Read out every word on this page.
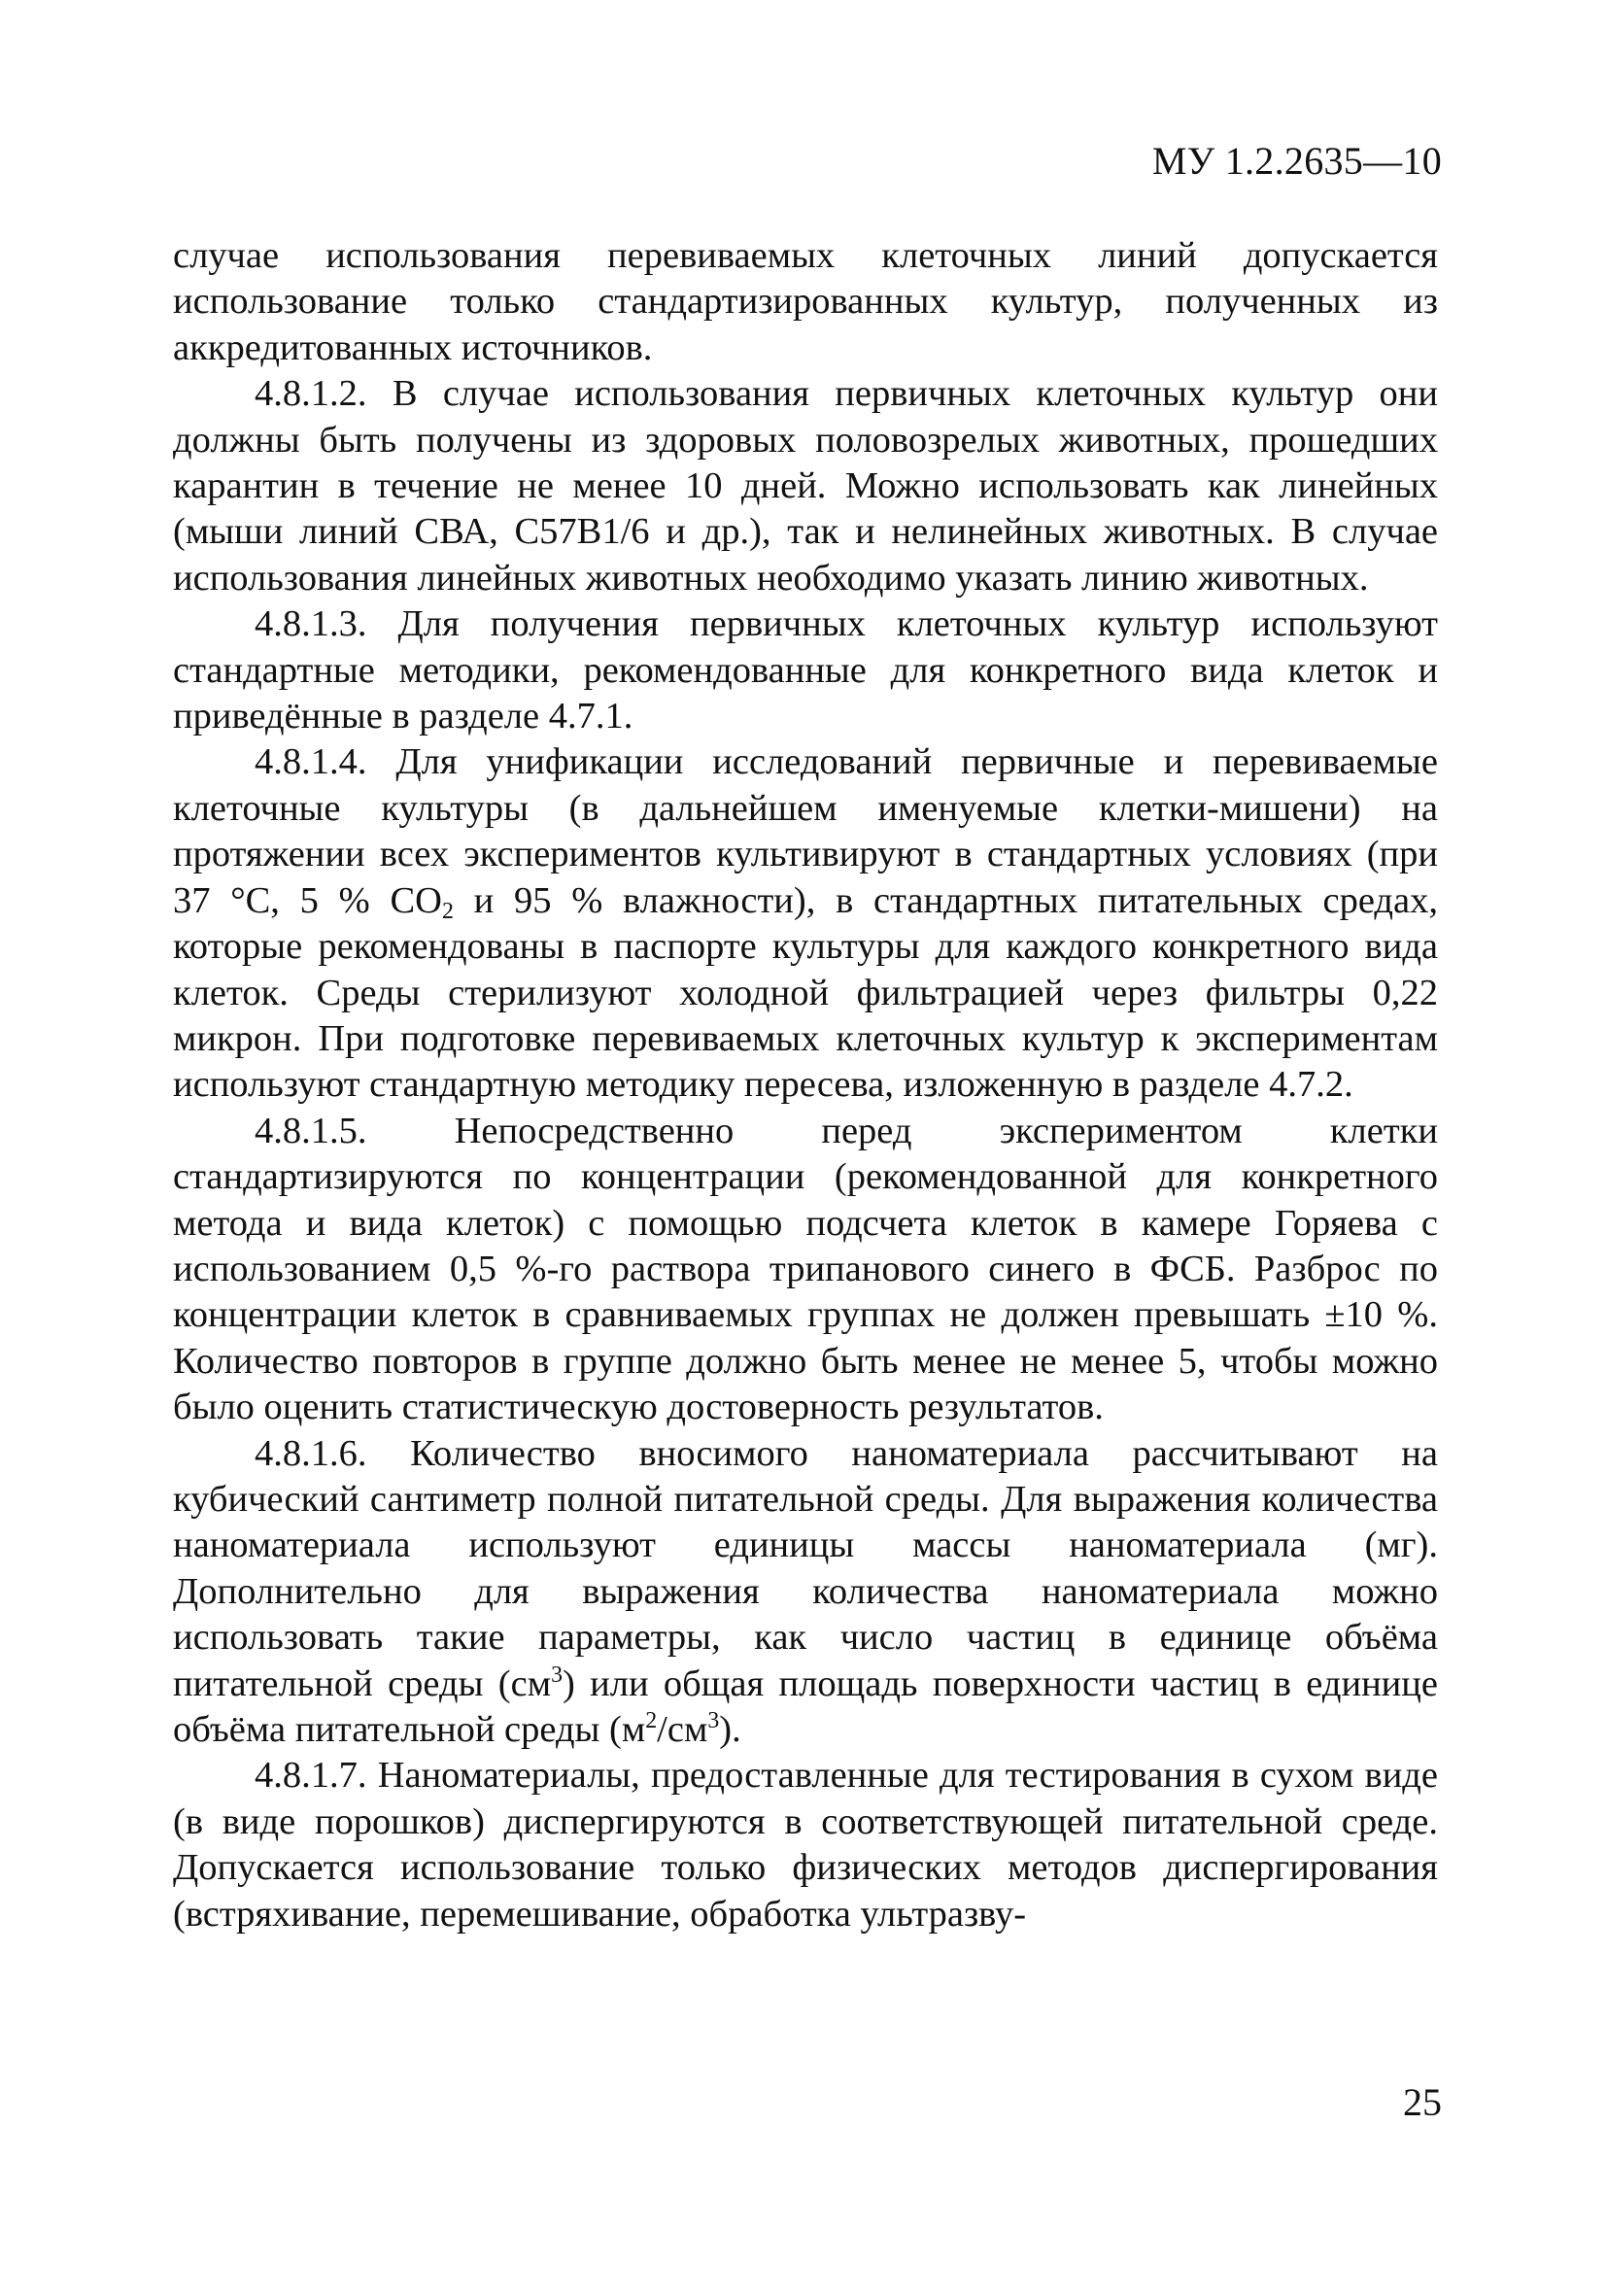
МУ 1.2.2635—10

случае использования перевиваемых клеточных линий допускается использование только стандартизированных культур, полученных из аккредитованных источников.

4.8.1.2. В случае использования первичных клеточных культур они должны быть получены из здоровых половозрелых животных, прошедших карантин в течение не менее 10 дней. Можно использовать как линейных (мыши линий СВА, С57В1/6 и др.), так и нелинейных животных. В случае использования линейных животных необходимо указать линию животных.

4.8.1.3. Для получения первичных клеточных культур используют стандартные методики, рекомендованные для конкретного вида клеток и приведённые в разделе 4.7.1.

4.8.1.4. Для унификации исследований первичные и перевиваемые клеточные культуры (в дальнейшем именуемые клетки-мишени) на протяжении всех экспериментов культивируют в стандартных условиях (при 37 °С, 5 % $СО_2$ и 95 % влажности), в стандартных питательных средах, которые рекомендованы в паспорте культуры для каждого конкретного вида клеток. Среды стерилизуют холодной фильтрацией через фильтры 0,22 микрон. При подготовке перевиваемых клеточных культур к экспериментам используют стандартную методику пересева, изложенную в разделе 4.7.2.

4.8.1.5. Непосредственно перед экспериментом клетки стандартизируются по концентрации (рекомендованной для конкретного метода и вида клеток) с помощью подсчета клеток в камере Горяева с использованием 0,5 %-го раствора трипанового синего в ФСБ. Разброс по концентрации клеток в сравниваемых группах не должен превышать ±10 %. Количество повторов в группе должно быть менее не менее 5, чтобы можно было оценить статистическую достоверность результатов.

4.8.1.6. Количество вносимого наноматериала рассчитывают на кубический сантиметр полной питательной среды. Для выражения количества наноматериала используют единицы массы наноматериала (мг). Дополнительно для выражения количества наноматериала можно использовать такие параметры, как число частиц в единице объёма питательной среды $(см^3)$ или общая площадь поверхности частиц в единице объёма питательной среды $(м^2/см^3)$.

4.8.1.7. Наноматериалы, предоставленные для тестирования в сухом виде (в виде порошков) диспергируются в соответствующей питательной среде. Допускается использование только физических методов диспергирования (встряхивание, перемешивание, обработка ультразву-

25
